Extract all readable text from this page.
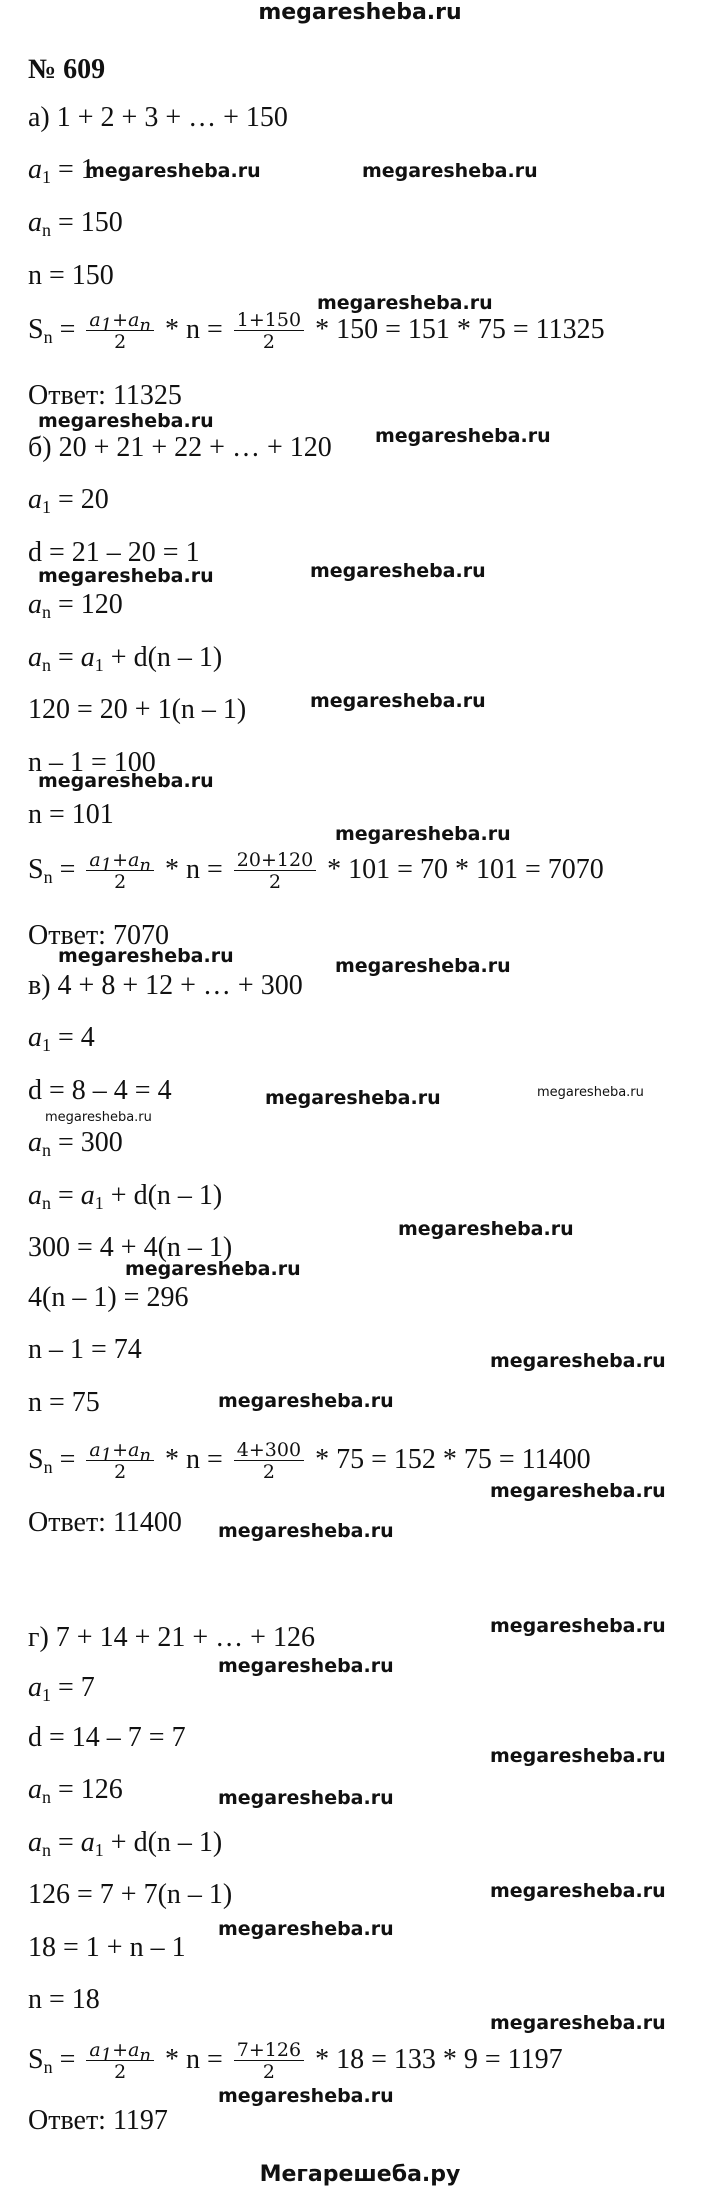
megaresheba.ru
№ 609
а) 1 + 2 + 3 + … + 150
$a_1 = 1$
$a_n = 150$
n = 150
$S_n = \frac{a_1+a_n}{2} * n = \frac{1+150}{2} * 150 = 151 * 75 = 11325$
Ответ: 11325
б) 20 + 21 + 22 + … + 120
$a_1 = 20$
d = 21 – 20 = 1
$a_n = 120$
$a_n = a_1 + d(n - 1)$
120 = 20 + 1(n – 1)
n – 1 = 100
n = 101
$S_n = \frac{a_1+a_n}{2} * n = \frac{20+120}{2} * 101 = 70 * 101 = 7070$
Ответ: 7070
в) 4 + 8 + 12 + … + 300
$a_1 = 4$
d = 8 – 4 = 4
$a_n = 300$
$a_n = a_1 + d(n - 1)$
300 = 4 + 4(n – 1)
4(n – 1) = 296
n – 1 = 74
n = 75
$S_n = \frac{a_1+a_n}{2} * n = \frac{4+300}{2} * 75 = 152 * 75 = 11400$
Ответ: 11400
г) 7 + 14 + 21 + … + 126
$a_1 = 7$
d = 14 – 7 = 7
$a_n = 126$
$a_n = a_1 + d(n - 1)$
126 = 7 + 7(n – 1)
18 = 1 + n – 1
n = 18
$S_n = \frac{a_1+a_n}{2} * n = \frac{7+126}{2} * 18 = 133 * 9 = 1197$
Ответ: 1197
megaresheba.ru	megaresheba.ru
megaresheba.ru
megaresheba.ru
megaresheba.ru
megaresheba.ru	megaresheba.ru
megaresheba.ru
megaresheba.ru
megaresheba.ru
megaresheba.ru	megaresheba.ru
megaresheba.ru	megaresheba.ru
megaresheba.ru
megaresheba.ru
megaresheba.ru
megaresheba.ru
megaresheba.ru
megaresheba.ru
megaresheba.ru
megaresheba.ru
megaresheba.ru
megaresheba.ru
megaresheba.ru
megaresheba.ru
megaresheba.ru
megaresheba.ru
megaresheba.ru
Мегарешеба.ру
